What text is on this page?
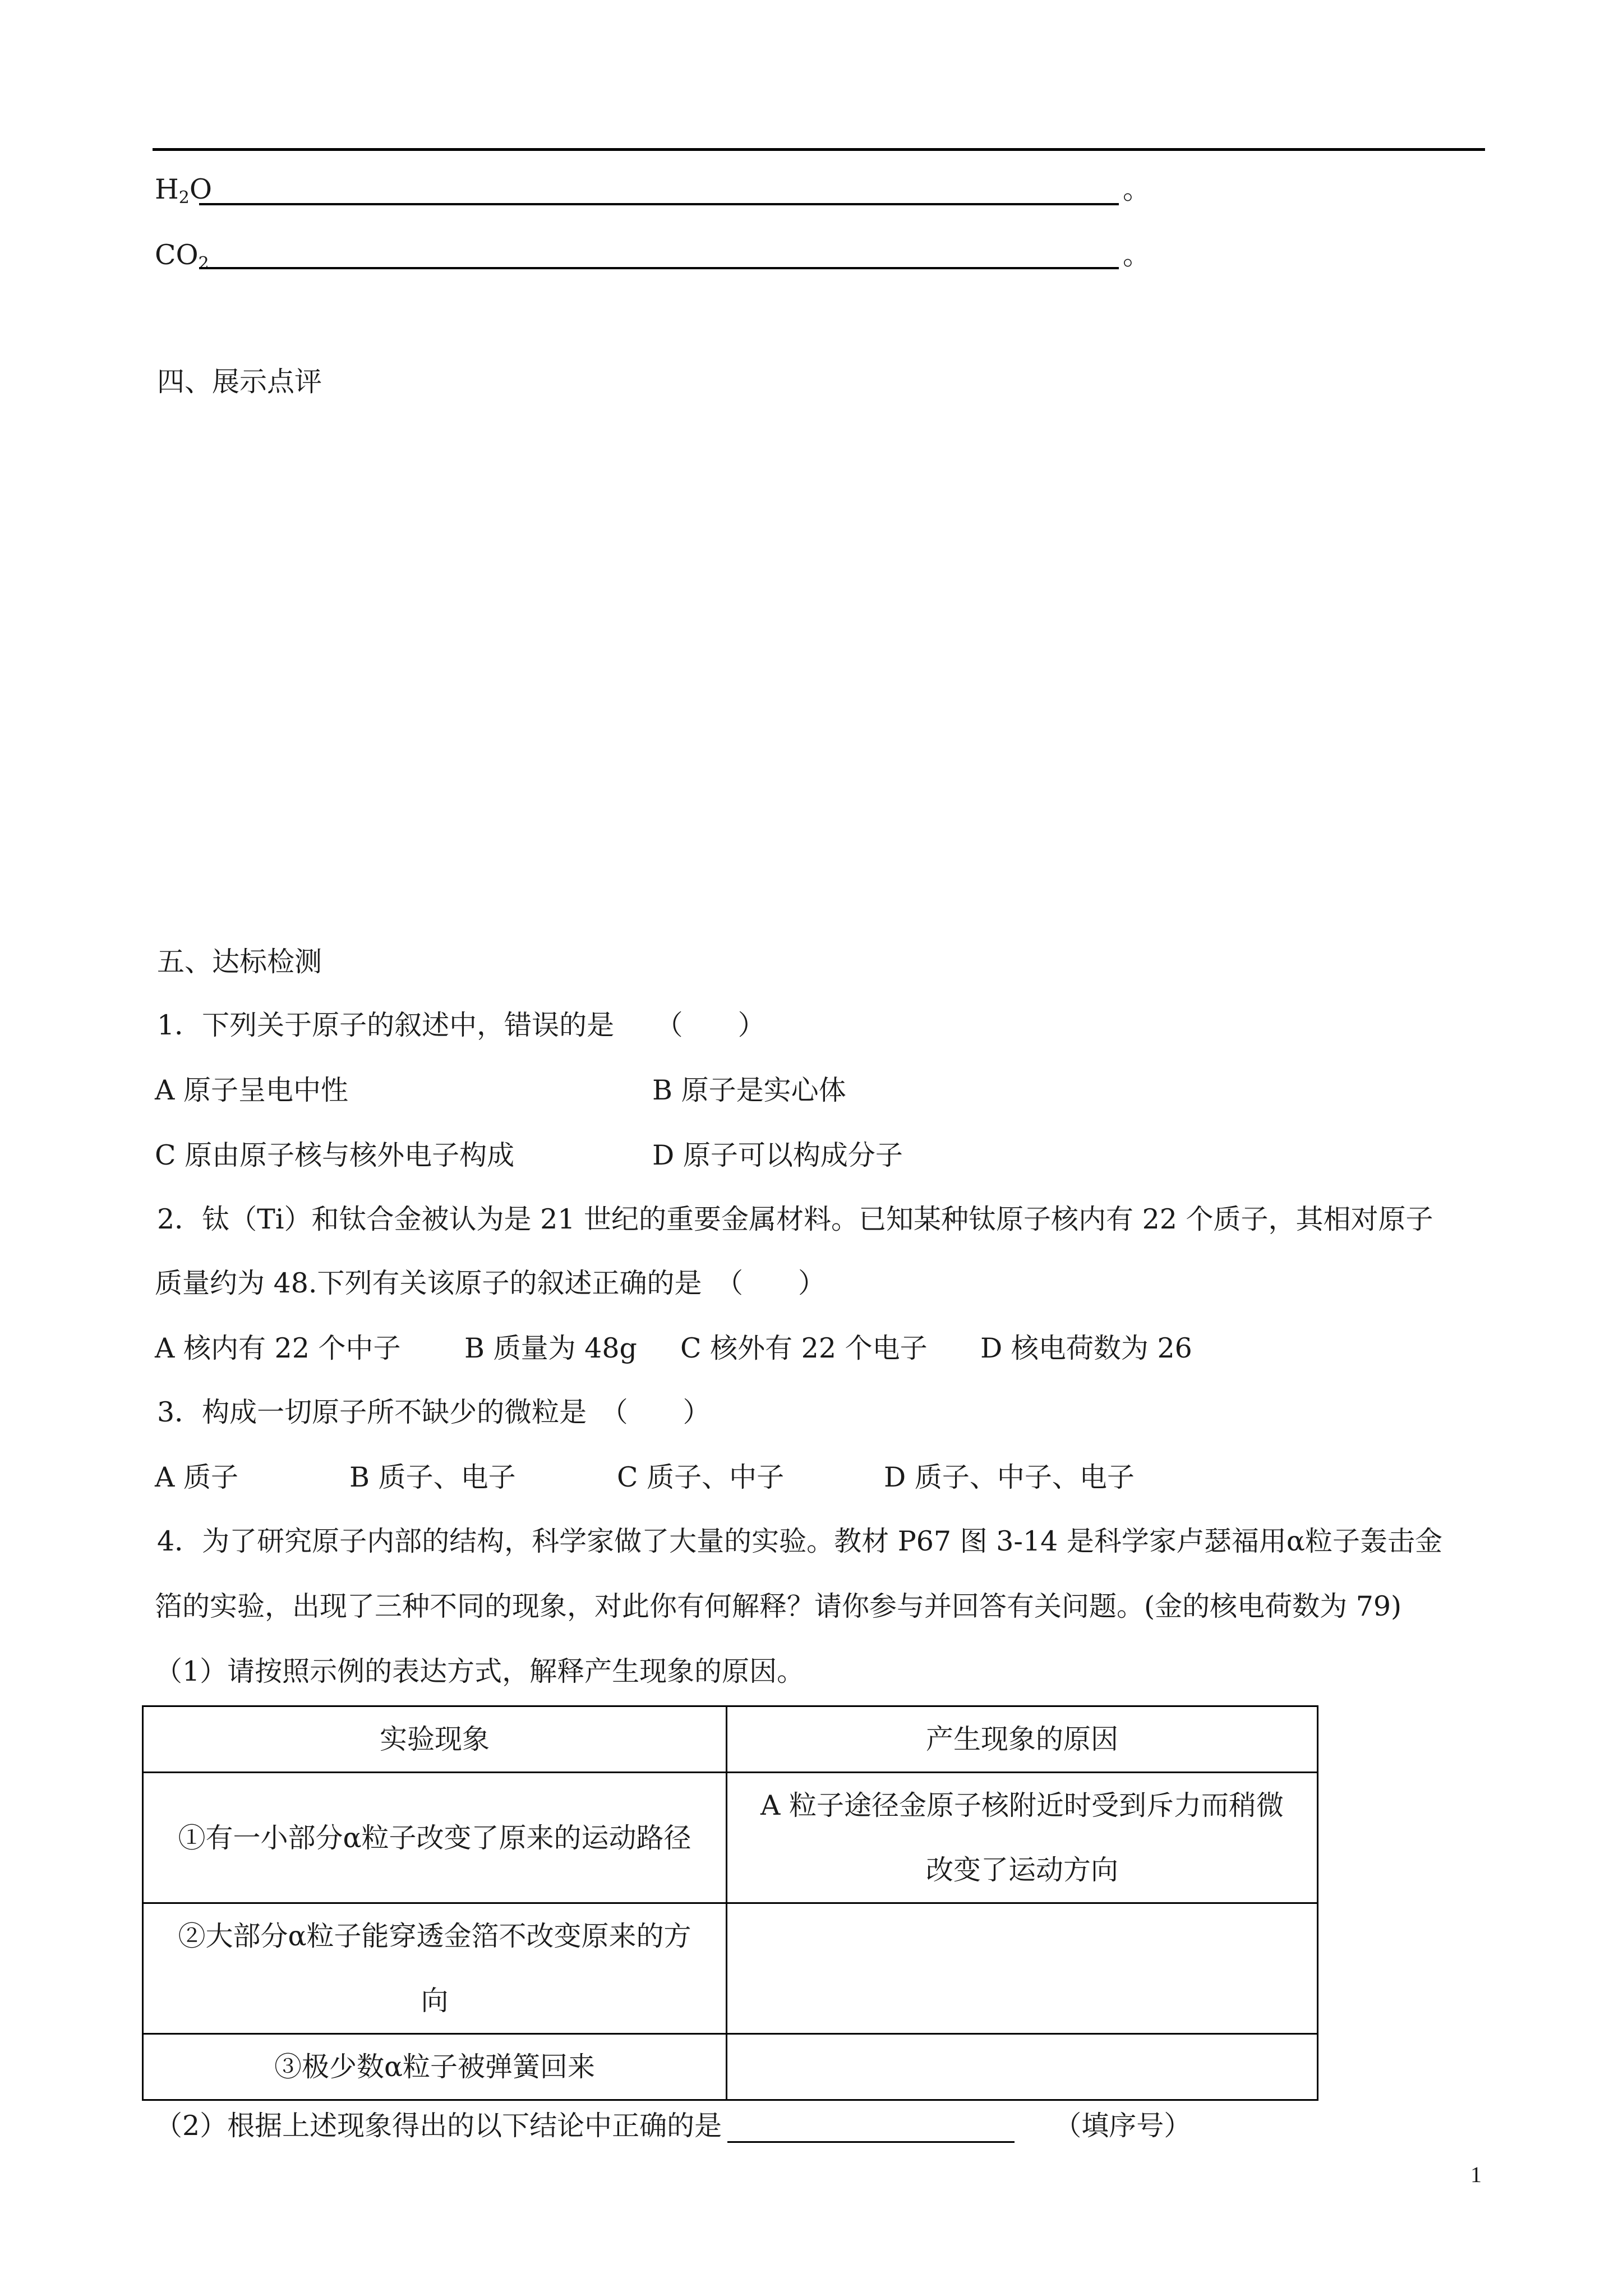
$H_2O$	。
$CO_2$	。
四、展示点评
五、达标检测
1．下列关于原子的叙述中，错误的是　　（　　）
A 原子呈电中性	B 原子是实心体
C 原由原子核与核外电子构成	D 原子可以构成分子
2．钛（Ti）和钛合金被认为是 21 世纪的重要金属材料。已知某种钛原子核内有 22 个质子，其相对原子
质量约为 48.下列有关该原子的叙述正确的是　（　　）
A 核内有 22 个中子 B 质量为 48g C 核外有 22 个电子 D 核电荷数为 26
3．构成一切原子所不缺少的微粒是　（　　）
A 质子	B 质子、电子	C 质子、中子	D 质子、中子、电子
4．为了研究原子内部的结构，科学家做了大量的实验。教材 P67 图 3-14 是科学家卢瑟福用α粒子轰击金
箔的实验，出现了三种不同的现象，对此你有何解释？请你参与并回答有关问题。(金的核电荷数为 79)
（1）请按照示例的表达方式，解释产生现象的原因。
实验现象	产生现象的原因

①有一小部分α粒子改变了原来的运动路径	A 粒子途径金原子核附近时受到斥力而稍微
改变了运动方向

②大部分α粒子能穿透金箔不改变原来的方
向	

③极少数α粒子被弹簧回来	

（2）根据上述现象得出的以下结论中正确的是	（填序号）
1
